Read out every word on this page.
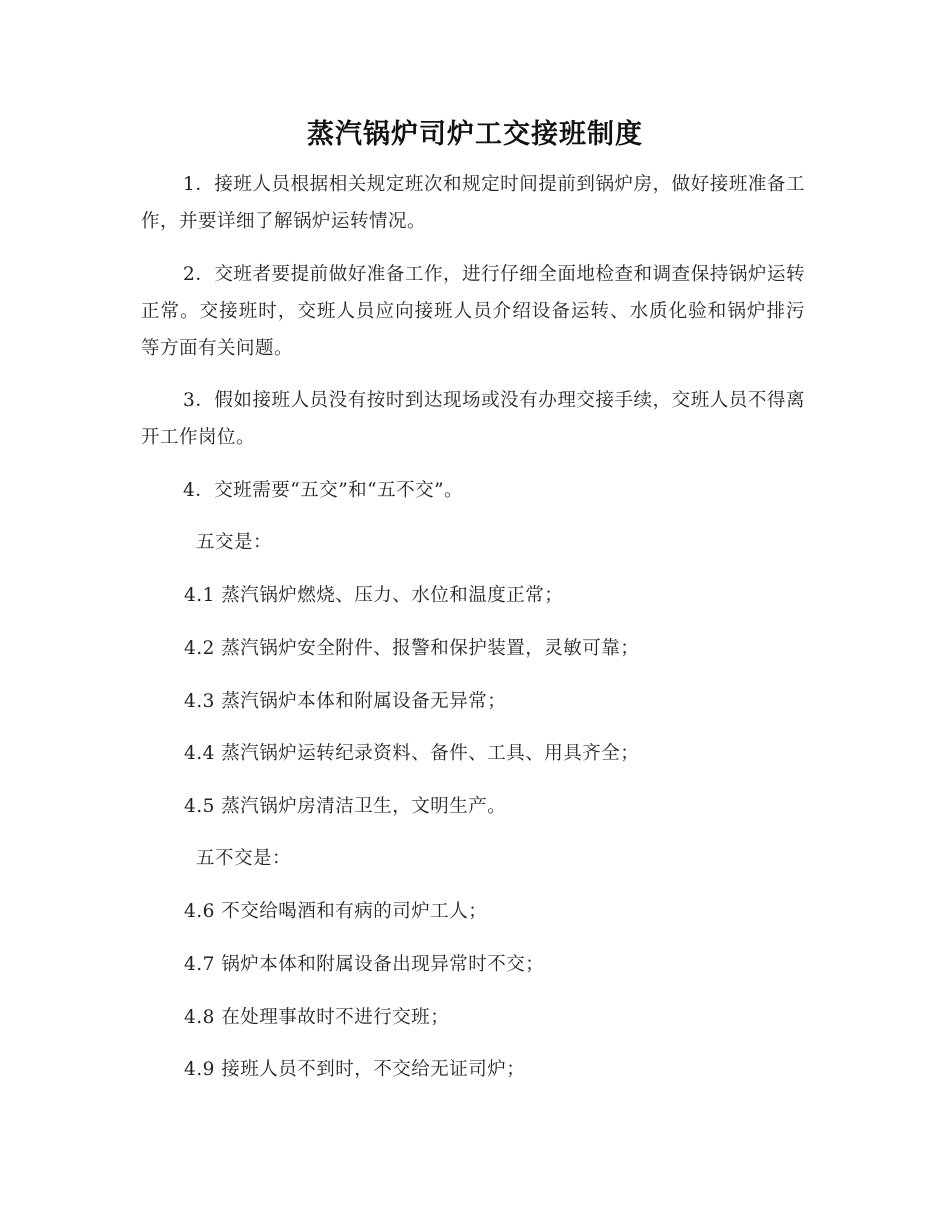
蒸汽锅炉司炉工交接班制度

1．接班人员根据相关规定班次和规定时间提前到锅炉房，做好接班准备工作，并要详细了解锅炉运转情况。

2．交班者要提前做好准备工作，进行仔细全面地检查和调查保持锅炉运转正常。交接班时，交班人员应向接班人员介绍设备运转、水质化验和锅炉排污等方面有关问题。

3．假如接班人员没有按时到达现场或没有办理交接手续，交班人员不得离开工作岗位。

4．交班需要“五交”和“五不交”。

五交是：

4.1 蒸汽锅炉燃烧、压力、水位和温度正常；

4.2 蒸汽锅炉安全附件、报警和保护装置，灵敏可靠；

4.3 蒸汽锅炉本体和附属设备无异常；

4.4 蒸汽锅炉运转纪录资料、备件、工具、用具齐全；

4.5 蒸汽锅炉房清洁卫生，文明生产。

五不交是：

4.6 不交给喝酒和有病的司炉工人；

4.7 锅炉本体和附属设备出现异常时不交；

4.8 在处理事故时不进行交班；

4.9 接班人员不到时，不交给无证司炉；
